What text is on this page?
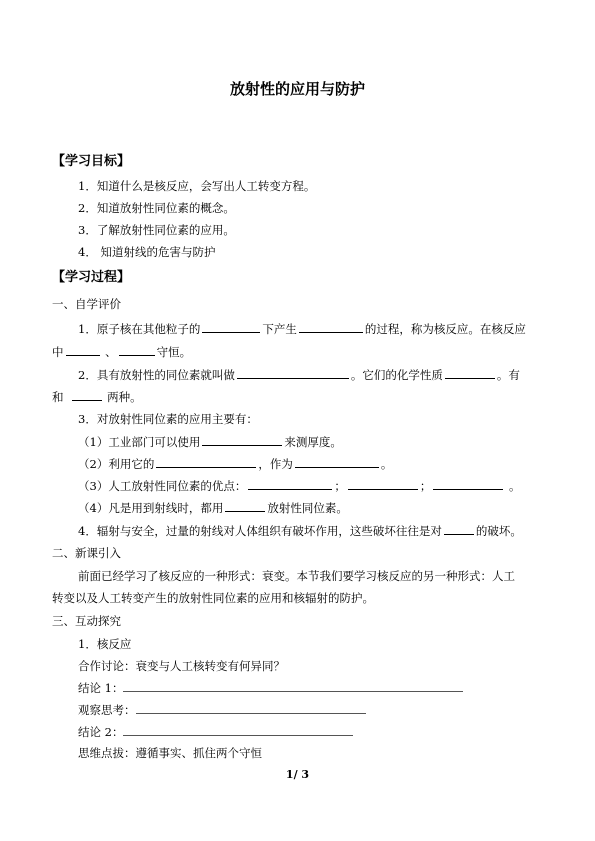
放射性的应用与防护
【学习目标】
1．知道什么是核反应，会写出人工转变方程。
2．知道放射性同位素的概念。
3．了解放射性同位素的应用。
4． 知道射线的危害与防护
【学习过程】
一、自学评价
1．原子核在其他粒子的	下产生	的过程，称为核反应。在核反应
中	、	守恒。
2．具有放射性的同位素就叫做	。它们的化学性质	。有
和	两种。
3．对放射性同位素的应用主要有：
（1）工业部门可以使用	来测厚度。
（2）利用它的	，作为	。
（3）人工放射性同位素的优点：	；	；	。
（4）凡是用到射线时，都用	放射性同位素。
4．辐射与安全，过量的射线对人体组织有破坏作用，这些破坏往往是对	的破坏。
二、新课引入
前面已经学习了核反应的一种形式：衰变。本节我们要学习核反应的另一种形式：人工
转变以及人工转变产生的放射性同位素的应用和核辐射的防护。
三、互动探究
1．核反应
合作讨论：衰变与人工核转变有何异同？
结论 1：
观察思考：
结论 2：
思维点拔：遵循事实、抓住两个守恒
1/ 3
